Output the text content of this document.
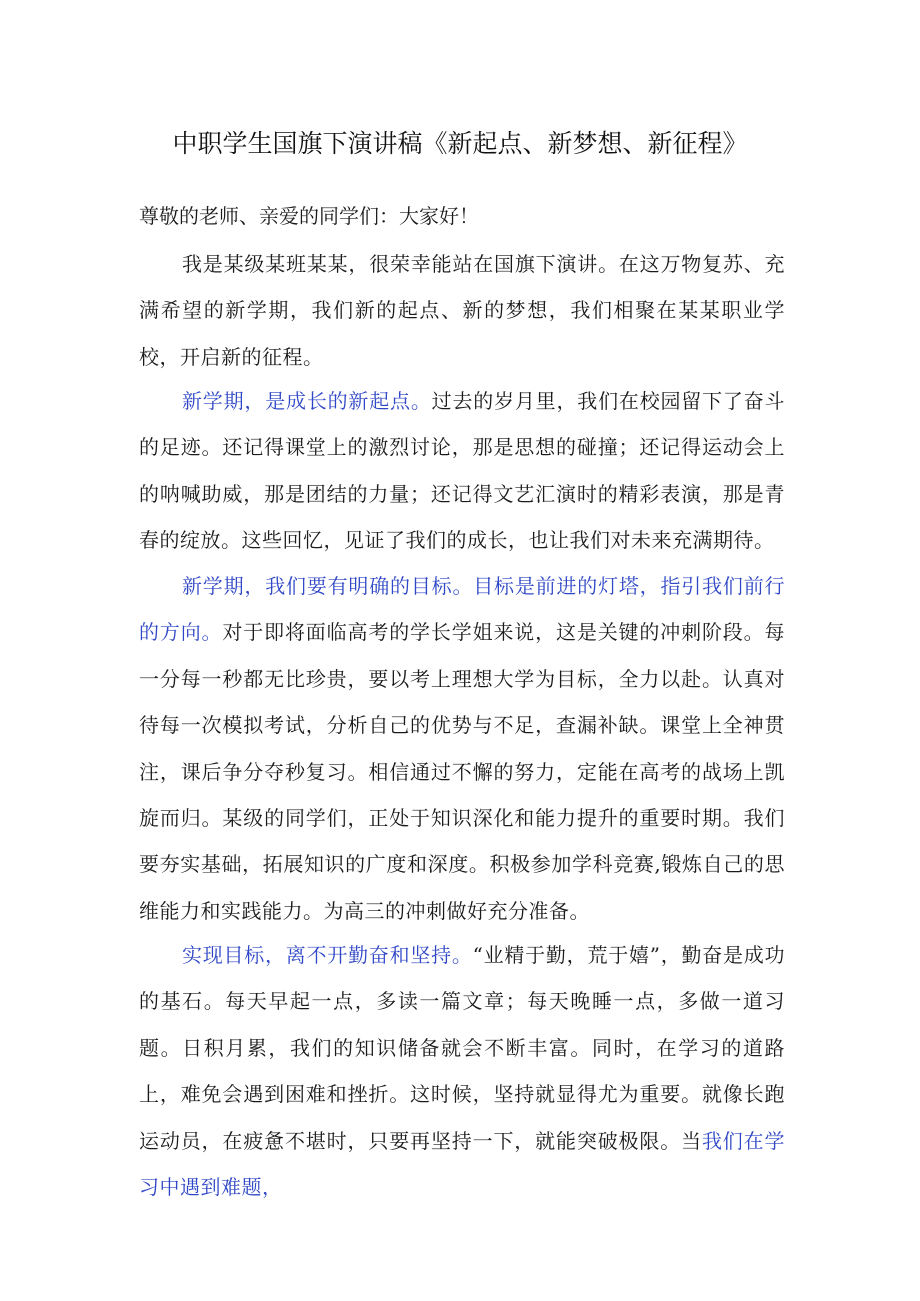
中职学生国旗下演讲稿《新起点、新梦想、新征程》
尊敬的老师、亲爱的同学们：大家好！

我是某级某班某某，很荣幸能站在国旗下演讲。在这万物复苏、充满希望的新学期，我们新的起点、新的梦想，我们相聚在某某职业学校，开启新的征程。

新学期，是成长的新起点。过去的岁月里，我们在校园留下了奋斗的足迹。还记得课堂上的激烈讨论，那是思想的碰撞；还记得运动会上的呐喊助威，那是团结的力量；还记得文艺汇演时的精彩表演，那是青春的绽放。这些回忆，见证了我们的成长，也让我们对未来充满期待。

新学期，我们要有明确的目标。目标是前进的灯塔，指引我们前行的方向。对于即将面临高考的学长学姐来说，这是关键的冲刺阶段。每一分每一秒都无比珍贵，要以考上理想大学为目标，全力以赴。认真对待每一次模拟考试，分析自己的优势与不足，查漏补缺。课堂上全神贯注，课后争分夺秒复习。相信通过不懈的努力，定能在高考的战场上凯旋而归。某级的同学们，正处于知识深化和能力提升的重要时期。我们要夯实基础，拓展知识的广度和深度。积极参加学科竞赛,锻炼自己的思维能力和实践能力。为高三的冲刺做好充分准备。

实现目标，离不开勤奋和坚持。“业精于勤，荒于嬉”，勤奋是成功的基石。每天早起一点，多读一篇文章；每天晚睡一点，多做一道习题。日积月累，我们的知识储备就会不断丰富。同时，在学习的道路上，难免会遇到困难和挫折。这时候，坚持就显得尤为重要。就像长跑运动员，在疲惫不堪时，只要再坚持一下，就能突破极限。当我们在学习中遇到难题，
